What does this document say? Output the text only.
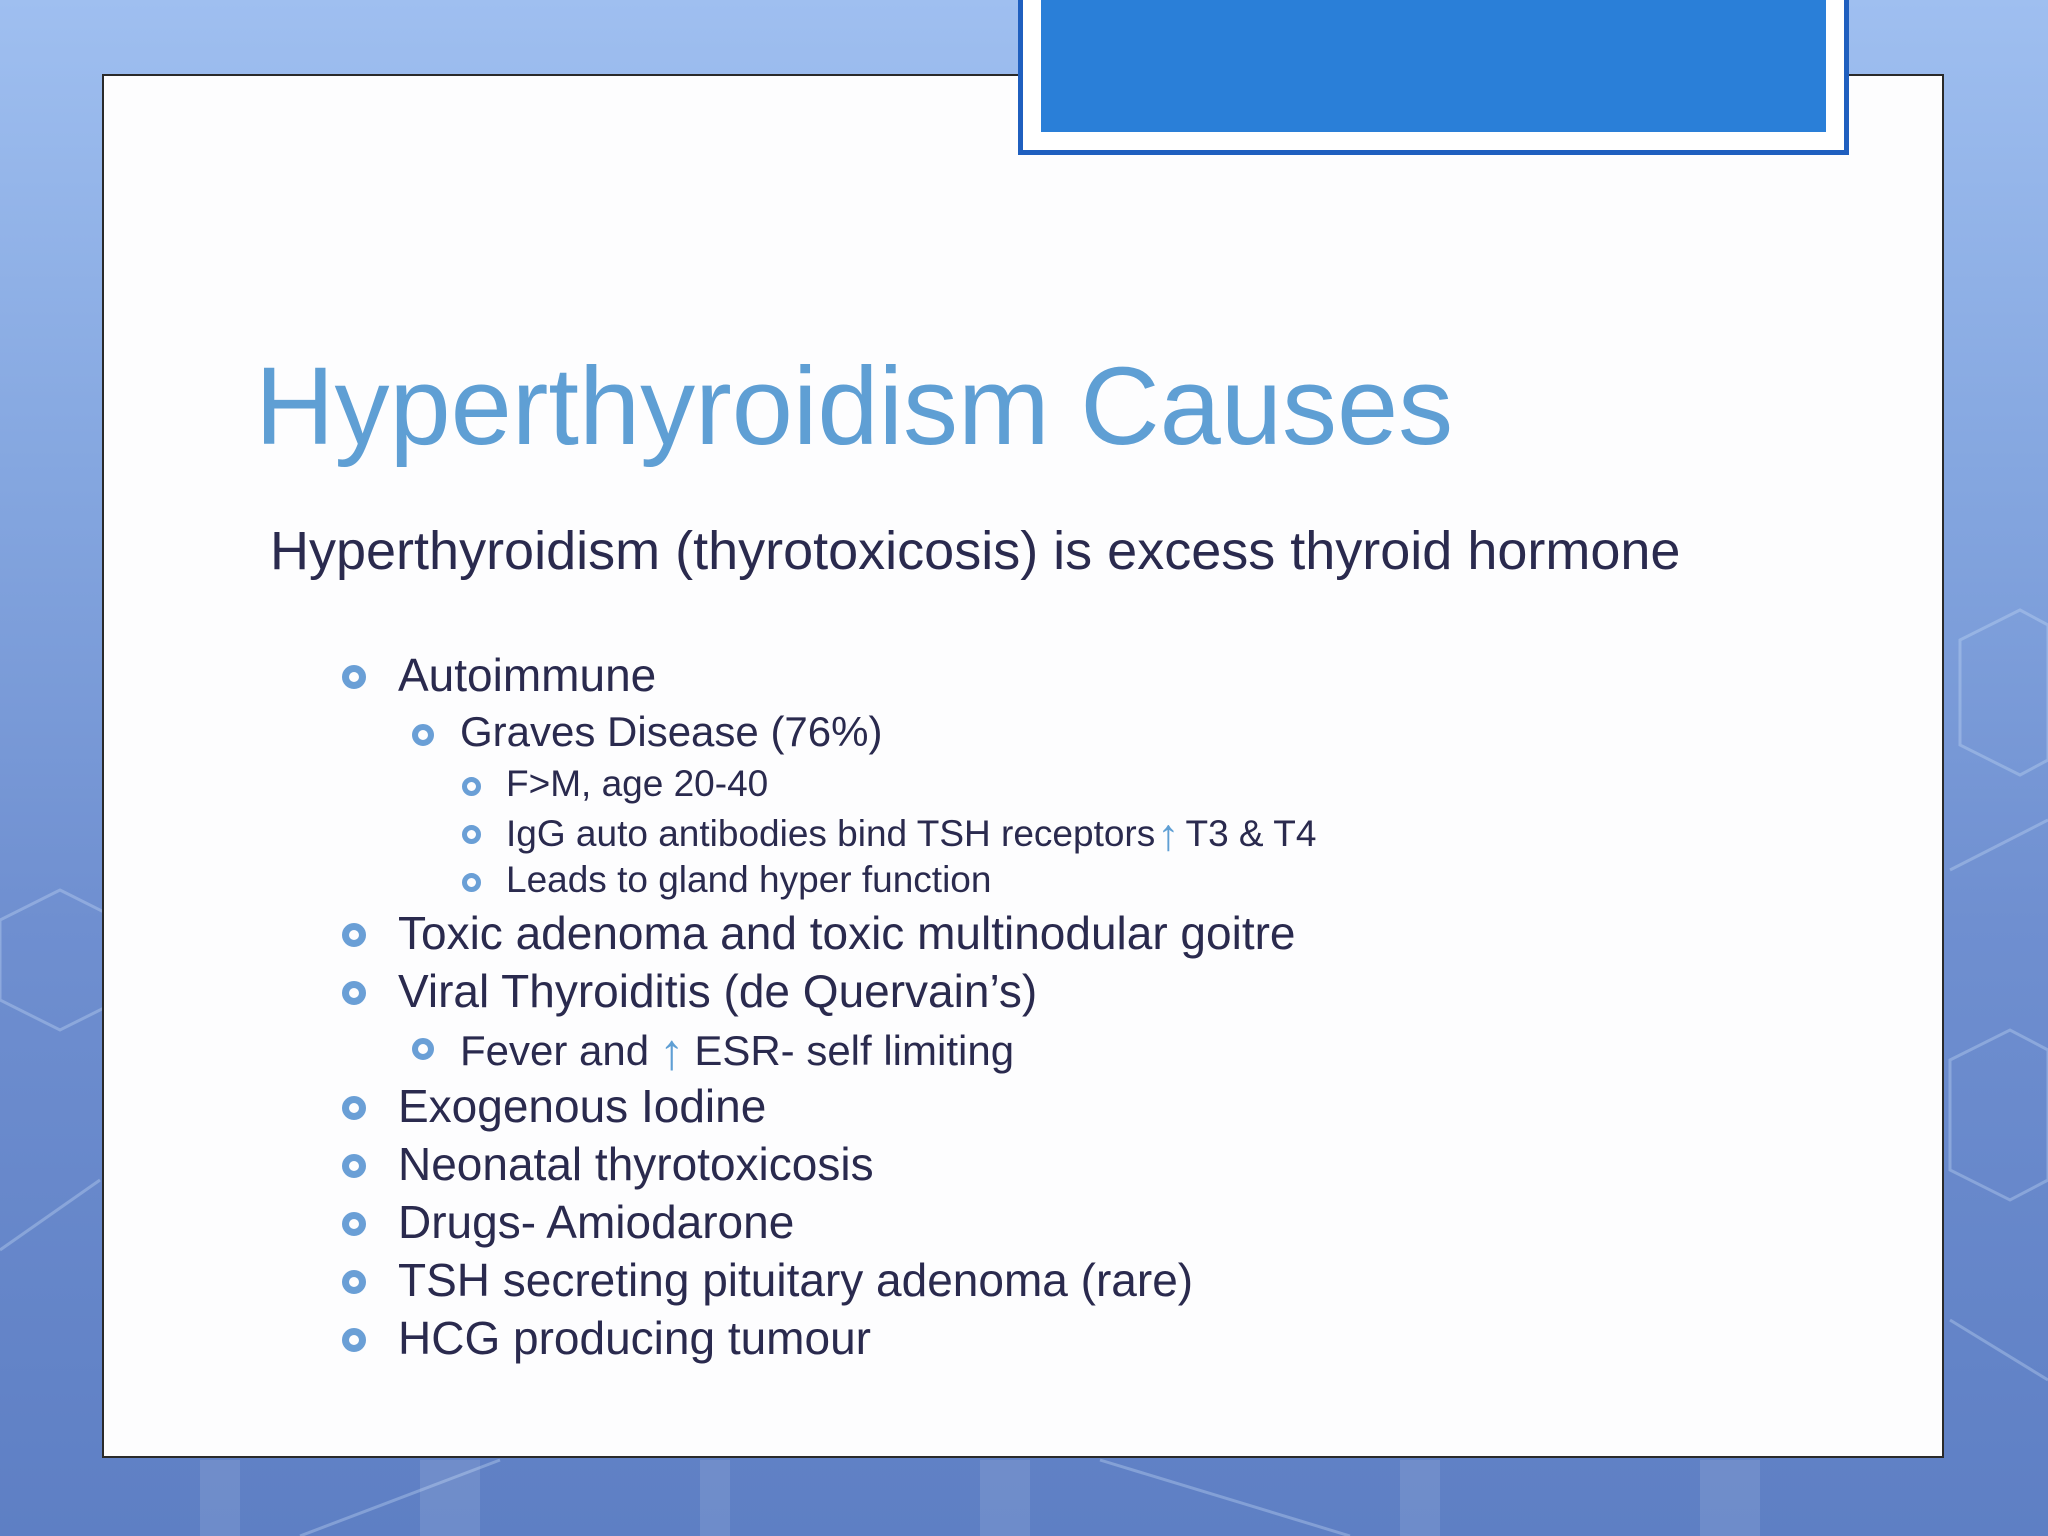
Hyperthyroidism Causes
Hyperthyroidism (thyrotoxicosis) is excess thyroid hormone
Autoimmune
Graves Disease (76%)
F>M, age 20-40
IgG auto antibodies bind TSH receptors↑ T3 & T4
Leads to gland hyper function
Toxic adenoma and toxic multinodular goitre
Viral Thyroiditis (de Quervain’s)
Fever and ↑ ESR- self limiting
Exogenous Iodine
Neonatal thyrotoxicosis
Drugs- Amiodarone
TSH secreting pituitary adenoma (rare)
HCG producing tumour
